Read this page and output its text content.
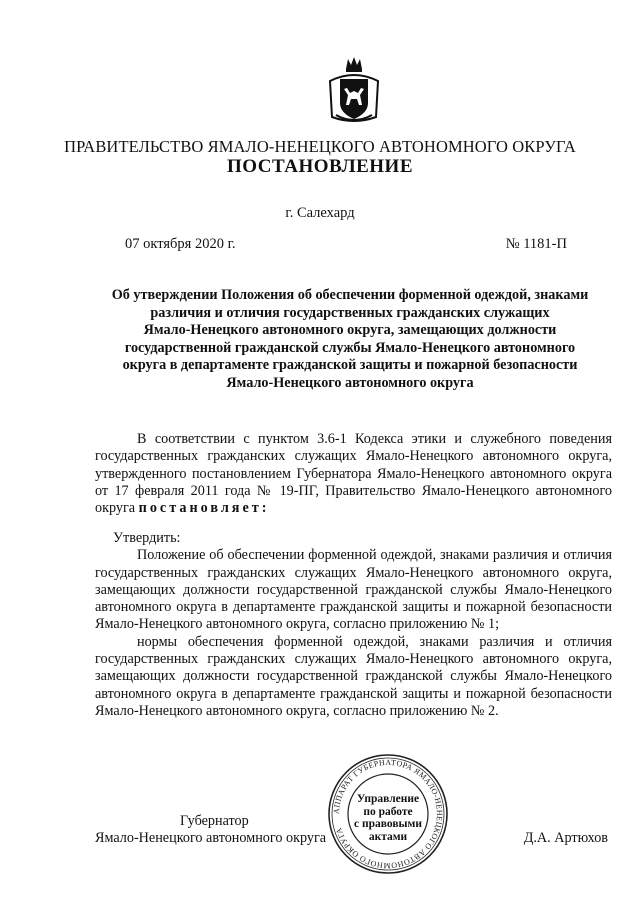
ПРАВИТЕЛЬСТВО ЯМАЛО-НЕНЕЦКОГО АВТОНОМНОГО ОКРУГА
ПОСТАНОВЛЕНИЕ
г. Салехард
07 октября 2020 г.	№ 1181-П
Об утверждении Положения об обеспечении форменной одеждой, знаками
различия и отличия государственных гражданских служащих
Ямало-Ненецкого автономного округа, замещающих должности
государственной гражданской службы Ямало-Ненецкого автономного
округа в департаменте гражданской защиты и пожарной безопасности
Ямало-Ненецкого автономного округа
В соответствии с пунктом 3.6-1 Кодекса этики и служебного поведения государственных гражданских служащих Ямало-Ненецкого автономного округа, утвержденного постановлением Губернатора Ямало-Ненецкого автономного округа от 17 февраля 2011 года № 19-ПГ, Правительство Ямало-Ненецкого автономного округа постановляет:
Утвердить:
Положение об обеспечении форменной одеждой, знаками различия и отличия государственных гражданских служащих Ямало-Ненецкого автономного округа, замещающих должности государственной гражданской службы Ямало-Ненецкого автономного округа в департаменте гражданской защиты и пожарной безопасности Ямало-Ненецкого автономного округа, согласно приложению № 1;
нормы обеспечения форменной одеждой, знаками различия и отличия государственных гражданских служащих Ямало-Ненецкого автономного округа, замещающих должности государственной гражданской службы Ямало-Ненецкого автономного округа в департаменте гражданской защиты и пожарной безопасности Ямало-Ненецкого автономного округа, согласно приложению № 2.
Губернатор
Ямало-Ненецкого автономного округа	Д.А. Артюхов
АППАРАТ ГУБЕРНАТОРА ЯМАЛО-НЕНЕЦКОГО АВТОНОМНОГО ОКРУГА
Управление
по работе
с правовыми
актами
